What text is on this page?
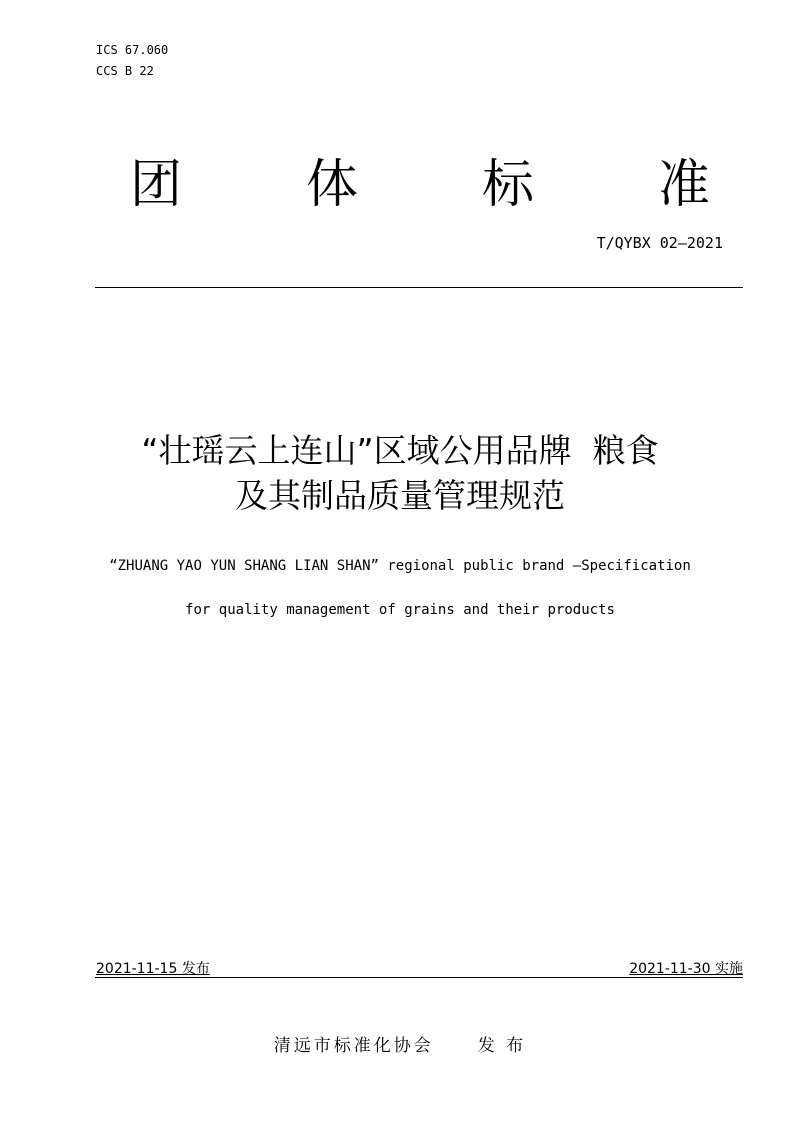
ICS 67.060
CCS B 22
团 体 标 准
T/QYBX 02—2021
“壮瑶云上连山”区域公用品牌  粮食
及其制品质量管理规范
“ZHUANG YAO YUN SHANG LIAN SHAN” regional public brand —Specification
for quality management of grains and their products
2021-11-15 发布	2021-11-30 实施
清远市标准化协会	发 布
